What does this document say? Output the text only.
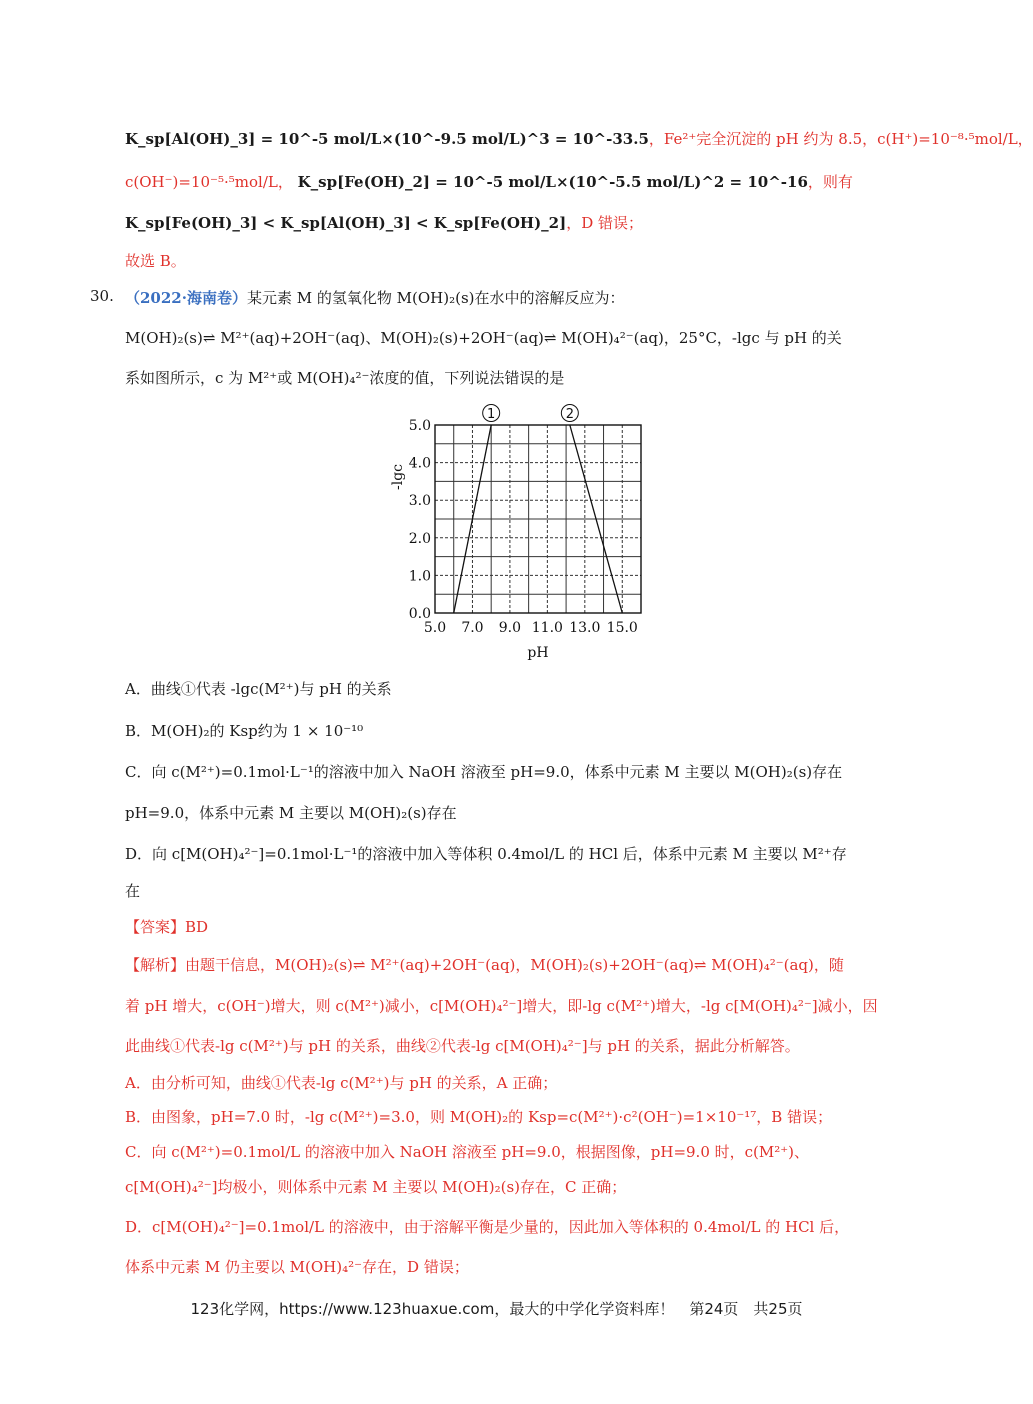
K_sp[Al(OH)_3] = 10^-5 mol/L×(10^-9.5 mol/L)^3 = 10^-33.5，Fe²⁺完全沉淀的 pH 约为 8.5，c(H⁺)=10⁻⁸·⁵mol/L，
c(OH⁻)=10⁻⁵·⁵mol/L， K_sp[Fe(OH)_2] = 10^-5 mol/L×(10^-5.5 mol/L)^2 = 10^-16，则有
K_sp[Fe(OH)_3] < K_sp[Al(OH)_3] < K_sp[Fe(OH)_2]，D 错误；
故选 B。
30. （2022·海南卷）某元素 M 的氢氧化物 M(OH)₂(s)在水中的溶解反应为：
M(OH)₂(s)⇌ M²⁺(aq)+2OH⁻(aq)、M(OH)₂(s)+2OH⁻(aq)⇌ M(OH)₄²⁻(aq)，25°C，-lgc 与 pH 的关
系如图所示，c 为 M²⁺或 M(OH)₄²⁻浓度的值，下列说法错误的是
5.0 7.0 9.0 11.0 13.0 15.0
0.0
1.0
2.0
3.0
4.0
5.0
pH
-lgc
1	2
A．曲线①代表 -lgc(M²⁺)与 pH 的关系
B．M(OH)₂的 Ksp约为 1 × 10⁻¹⁰
C．向 c(M²⁺)=0.1mol·L⁻¹的溶液中加入 NaOH 溶液至 pH=9.0，体系中元素 M 主要以 M(OH)₂(s)存在
pH=9.0，体系中元素 M 主要以 M(OH)₂(s)存在
D．向 c[M(OH)₄²⁻]=0.1mol·L⁻¹的溶液中加入等体积 0.4mol/L 的 HCl 后，体系中元素 M 主要以 M²⁺存
在
【答案】BD
【解析】由题干信息，M(OH)₂(s)⇌ M²⁺(aq)+2OH⁻(aq)，M(OH)₂(s)+2OH⁻(aq)⇌ M(OH)₄²⁻(aq)，随
着 pH 增大，c(OH⁻)增大，则 c(M²⁺)减小，c[M(OH)₄²⁻]增大，即-lg c(M²⁺)增大，-lg c[M(OH)₄²⁻]减小，因
此曲线①代表-lg c(M²⁺)与 pH 的关系，曲线②代表-lg c[M(OH)₄²⁻]与 pH 的关系，据此分析解答。
A．由分析可知，曲线①代表-lg c(M²⁺)与 pH 的关系，A 正确；
B．由图象，pH=7.0 时，-lg c(M²⁺)=3.0，则 M(OH)₂的 Ksp=c(M²⁺)·c²(OH⁻)=1×10⁻¹⁷，B 错误；
C．向 c(M²⁺)=0.1mol/L 的溶液中加入 NaOH 溶液至 pH=9.0，根据图像，pH=9.0 时，c(M²⁺)、
c[M(OH)₄²⁻]均极小，则体系中元素 M 主要以 M(OH)₂(s)存在，C 正确；
D．c[M(OH)₄²⁻]=0.1mol/L 的溶液中，由于溶解平衡是少量的，因此加入等体积的 0.4mol/L 的 HCl 后，
体系中元素 M 仍主要以 M(OH)₄²⁻存在，D 错误；
123化学网，https://www.123huaxue.com，最大的中学化学资料库！　第24页　共25页
